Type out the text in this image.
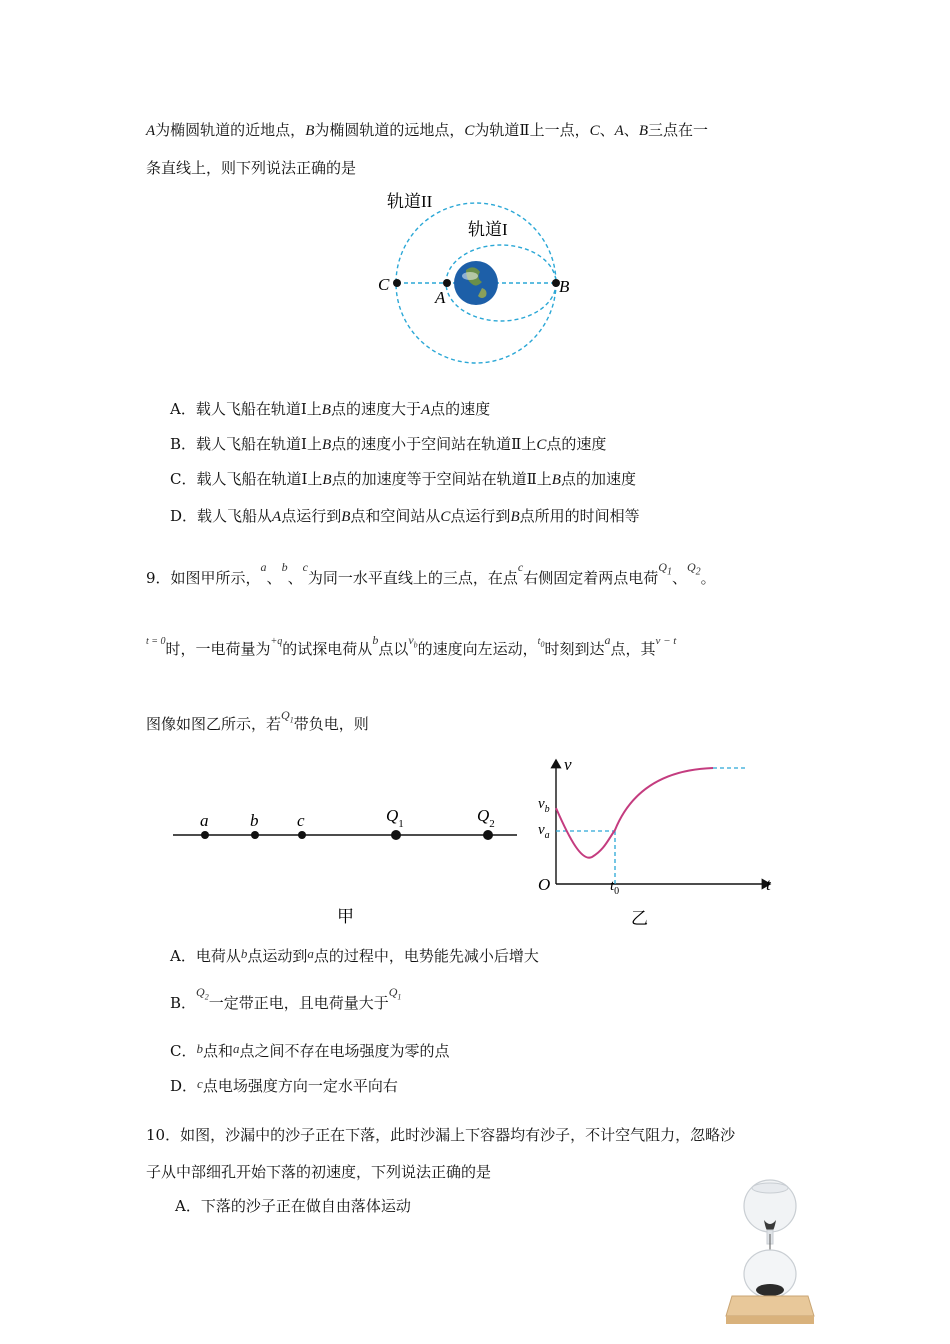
A为椭圆轨道的近地点，B为椭圆轨道的远地点，C为轨道Ⅱ上一点，C、A、B三点在一
条直线上，则下列说法正确的是
轨道II
轨道I
C
A
B
A．载人飞船在轨道Ⅰ上B点的速度大于A点的速度
B．载人飞船在轨道Ⅰ上B点的速度小于空间站在轨道Ⅱ上C点的速度
C．载人飞船在轨道Ⅰ上B点的加速度等于空间站在轨道Ⅱ上B点的加速度
D．载人飞船从A点运行到B点和空间站从C点运行到B点所用的时间相等
9．如图甲所示，a、b、c为同一水平直线上的三点，在点c右侧固定着两点电荷$Q_1$、$Q_2$。
t = 0时，一电荷量为+q的试探电荷从b点以$v_b$的速度向左运动，$t_0$时刻到达a点，其v − t
图像如图乙所示，若$Q_1$带负电，则
a b c	$Q_1$	$Q_2$
甲
v
$v_b$
$v_a$
O	$t_0$	t
乙
A．电荷从b点运动到a点的过程中，电势能先减小后增大
B．$Q_2$一定带正电，且电荷量大于$Q_1$
C．b点和a点之间不存在电场强度为零的点
D．c点电场强度方向一定水平向右
10．如图，沙漏中的沙子正在下落，此时沙漏上下容器均有沙子，不计空气阻力，忽略沙
子从中部细孔开始下落的初速度，下列说法正确的是
A．下落的沙子正在做自由落体运动
